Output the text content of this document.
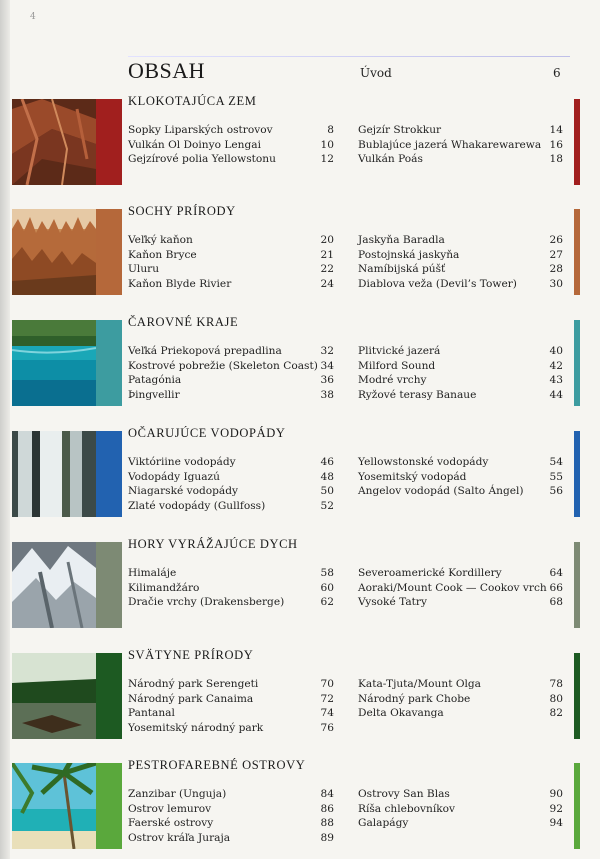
4
OBSAH	Úvod	6
KLOKOTAJÚCA ZEM
Sopky Liparských ostrovov	8
Vulkán Ol Doinyo Lengai	10
Gejzírové polia Yellowstonu	12
Gejzír Strokkur	14
Bublajúce jazerá Whakarewarewa 16
Vulkán Poás	18
SOCHY PRÍRODY
Veľký kaňon	20
Kaňon Bryce	21
Uluru	22
Kaňon Blyde Rivier	24
Jaskyňa Baradla	26
Postojnská jaskyňa	27
Namíbijská púšť	28
Diablova veža (Devil’s Tower)	30
ČAROVNÉ KRAJE
Veľká Priekopová prepadlina	32
Kostrové pobrežie (Skeleton Coast) 34
Patagónia	36
Þingvellir	38
Plitvické jazerá	40
Milford Sound	42
Modré vrchy	43
Ryžové terasy Banaue	44
OČARUJÚCE VODOPÁDY
Viktóriine vodopády	46
Vodopády Iguazú	48
Niagarské vodopády	50
Zlaté vodopády (Gullfoss)	52
Yellowstonské vodopády	54
Yosemitský vodopád	55
Angelov vodopád (Salto Ángel) 56
HORY VYRÁŽAJÚCE DYCH
Himaláje	58
Kilimandžáro	60
Dračie vrchy (Drakensberge)	62
Severoamerické Kordillery	64
Aoraki/Mount Cook — Cookov vrch 66
Vysoké Tatry	68
SVÄTYNE PRÍRODY
Národný park Serengeti	70
Národný park Canaima	72
Pantanal	74
Yosemitský národný park	76
Kata-Tjuta/Mount Olga	78
Národný park Chobe	80
Delta Okavanga	82
PESTROFAREBNÉ OSTROVY
Zanzibar (Unguja)	84
Ostrov lemurov	86
Faerské ostrovy	88
Ostrov kráľa Juraja	89
Ostrovy San Blas	90
Ríša chlebovníkov	92
Galapágy	94
